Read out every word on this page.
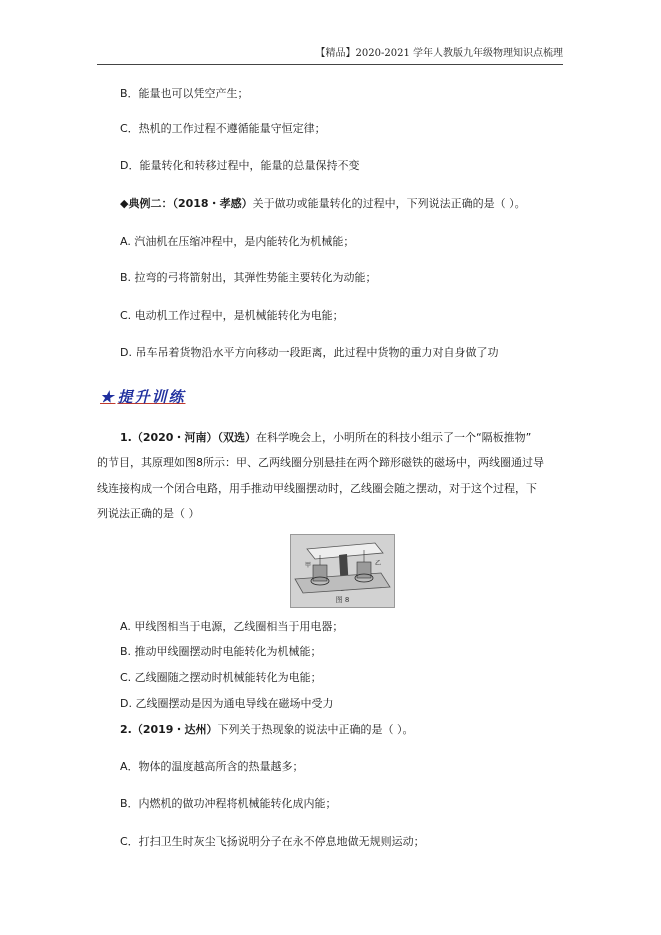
【精品】2020-2021 学年人教版九年级物理知识点梳理
B．能量也可以凭空产生；
C．热机的工作过程不遵循能量守恒定律；
D．能量转化和转移过程中，能量的总量保持不变
◆典例二：（2018・孝感）关于做功或能量转化的过程中，下列说法正确的是（ ）。
A. 汽油机在压缩冲程中，是内能转化为机械能；
B. 拉弯的弓将箭射出，其弹性势能主要转化为动能；
C. 电动机工作过程中，是机械能转化为电能；
D. 吊车吊着货物沿水平方向移动一段距离，此过程中货物的重力对自身做了功
★ 提升训练
1.（2020・河南）（双选）在科学晚会上，小明所在的科技小组示了一个“隔板推物”
的节目，其原理如图8所示：甲、乙两线圈分别悬挂在两个蹄形磁铁的磁场中，两线圈通过导
线连接构成一个闭合电路，用手推动甲线圈摆动时，乙线圈会随之摆动，对于这个过程，下
列说法正确的是（ ）
甲	乙
图 8
A. 甲线图相当于电源，乙线圈相当于用电器；
B. 推动甲线圈摆动时电能转化为机械能；
C. 乙线圈随之摆动时机械能转化为电能；
D. 乙线圈摆动是因为通电导线在磁场中受力
2.（2019・达州）下列关于热现象的说法中正确的是（ ）。
A．物体的温度越高所含的热量越多；
B．内燃机的做功冲程将机械能转化成内能；
C．打扫卫生时灰尘飞扬说明分子在永不停息地做无规则运动；
